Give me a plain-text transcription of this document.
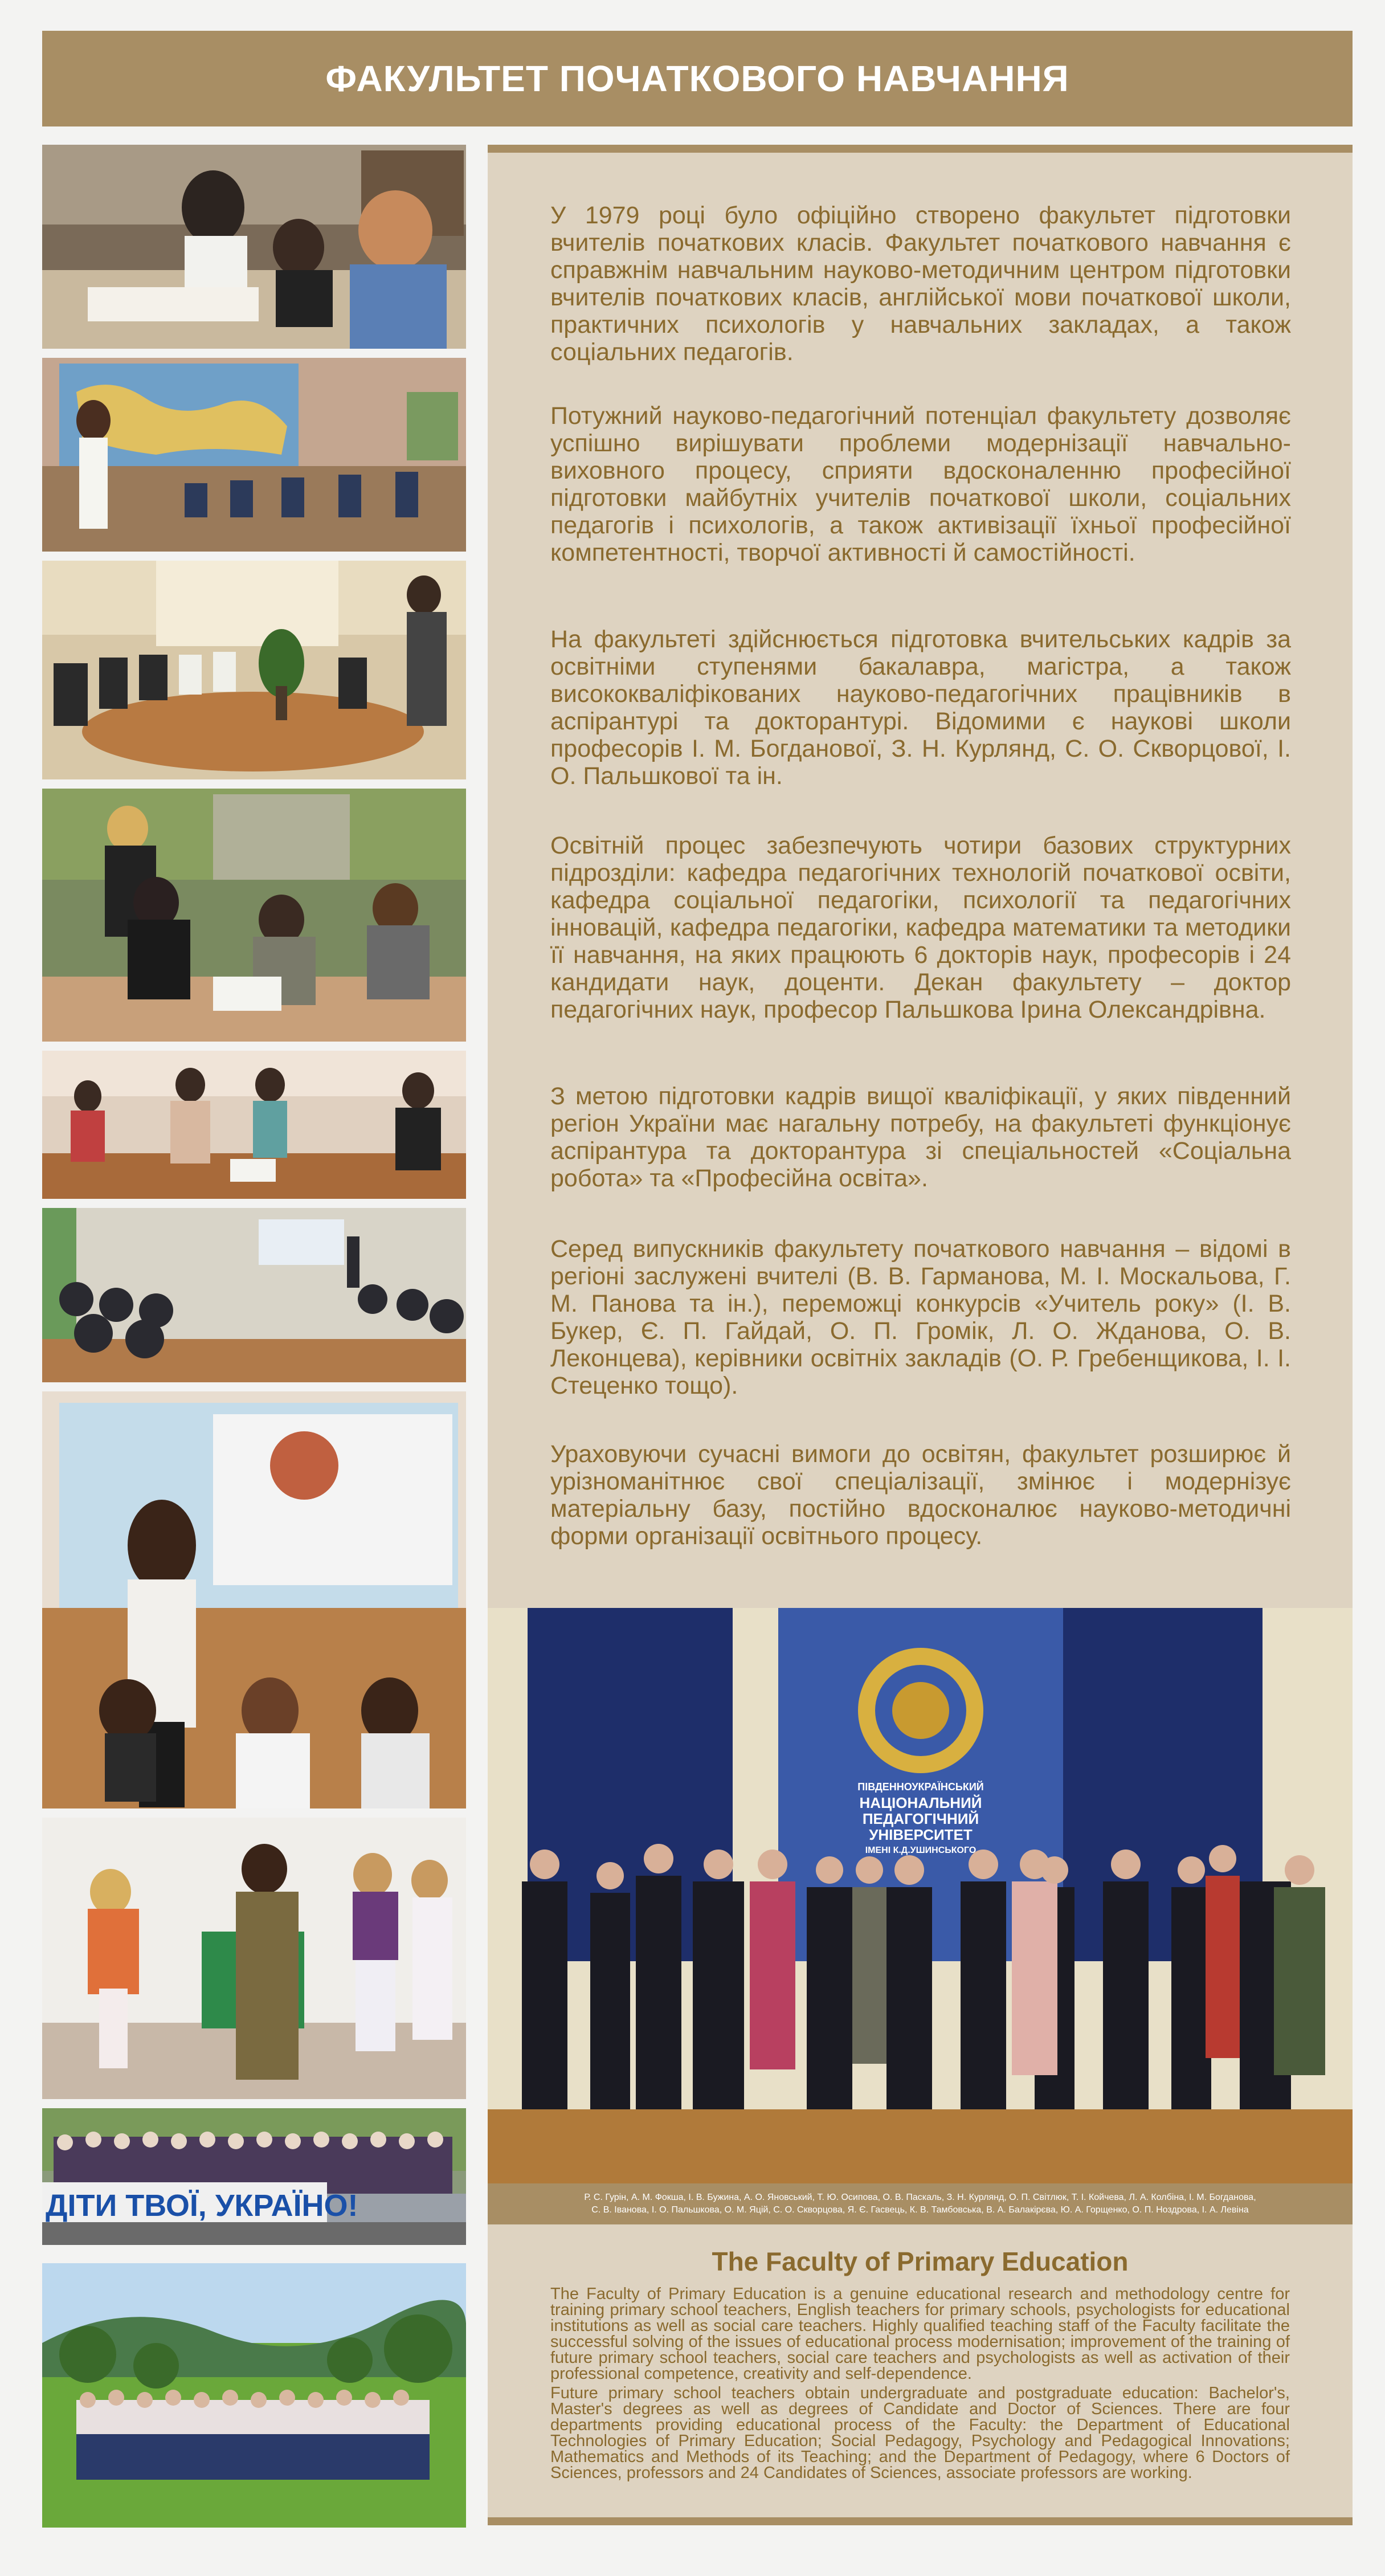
ФАКУЛЬТЕТ ПОЧАТКОВОГО НАВЧАННЯ
ДІТИ ТВОЇ, УКРАЇНО!

У 1979 році було офіційно створено факультет підготовки вчителів початкових класів. Факультет початкового навчання є справжнім навчальним науково-методичним центром підготовки вчителів початкових класів, англійської мови початкової школи, практичних психологів у навчальних закладах, а також соціальних педагогів.

Потужний науково-педагогічний потенціал факультету дозволяє успішно вирішувати проблеми модернізації навчально-виховного процесу, сприяти вдосконаленню професійної підготовки майбутніх учителів початкової школи, соціальних педагогів і психологів, а також активізації їхньої професійної компетентності, творчої активності й самостійності.

На факультеті здійснюється підготовка вчительських кадрів за освітніми ступенями бакалавра, магістра, а також висококваліфікованих науково-педагогічних працівників в аспірантурі та докторантурі. Відомими є наукові школи професорів І. М. Богданової, З. Н. Курлянд, С. О. Скворцової, І. О. Пальшкової та ін.

Освітній процес забезпечують чотири базових структурних підрозділи: кафедра педагогічних технологій початкової освіти, кафедра соціальної педагогіки, психології та педагогічних інновацій, кафедра педагогіки, кафедра математики та методики її навчання, на яких працюють 6 докторів наук, професорів і 24 кандидати наук, доценти. Декан факультету – доктор педагогічних наук, професор Пальшкова Ірина Олександрівна.

З метою підготовки кадрів вищої кваліфікації, у яких південний регіон України має нагальну потребу, на факультеті функціонує аспірантура та докторантура зі спеціальностей «Соціальна робота» та «Професійна освіта».

Серед випускників факультету початкового навчання – відомі в регіоні заслужені вчителі (В. В. Гарманова, М. І. Москальова, Г. М. Панова та ін.), переможці конкурсів «Учитель року» (І. В. Букер, Є. П. Гайдай, О. П. Громік, Л. О. Жданова, О. В. Леконцева), керівники освітніх закладів (О. Р. Гребенщикова, І. І. Стеценко тощо).

Ураховуючи сучасні вимоги до освітян, факультет розширює й урізноманітнює свої спеціалізації, змінює і модернізує матеріальну базу, постійно вдосконалює науково-методичні форми організації освітнього процесу.

ПІВДЕННОУКРАЇНСЬКИЙ
НАЦІОНАЛЬНИЙ
ПЕДАГОГІЧНИЙ
УНІВЕРСИТЕТ
ІМЕНІ К.Д.УШИНСЬКОГО
Р. С. Гурін, А. М. Фокша, І. В. Бужина, А. О. Яновський, Т. Ю. Осипова, О. В. Паскаль, З. Н. Курлянд, О. П. Світлюк, Т. І. Койчева, Л. А. Колбіна, І. М. Богданова,
С. В. Іванова, І. О. Пальшкова, О. М. Яцій, С. О. Скворцова, Я. Є. Гасвець, К. В. Тамбовська, В. А. Балакірєва, Ю. А. Горщенко, О. П. Ноздрова, І. А. Левіна
The Faculty of Primary Education

The Faculty of Primary Education is a genuine educational research and methodology centre for training primary school teachers, English teachers for primary schools, psychologists for educational institutions as well as social care teachers. Highly qualified teaching staff of the Faculty facilitate the successful solving of the issues of educational process modernisation; improvement of the training of future primary school teachers, social care teachers and psychologists as well as activation of their professional competence, creativity and self-dependence.

Future primary school teachers obtain undergraduate and postgraduate education: Bachelor's, Master's degrees as well as degrees of Candidate and Doctor of Sciences. There are four departments providing educational process of the Faculty: the Department of Educational Technologies of Primary Education; Social Pedagogy, Psychology and Pedagogical Innovations; Mathematics and Methods of its Teaching; and the Department of Pedagogy, where 6 Doctors of Sciences, professors and 24 Candidates of Sciences, associate professors are working.
